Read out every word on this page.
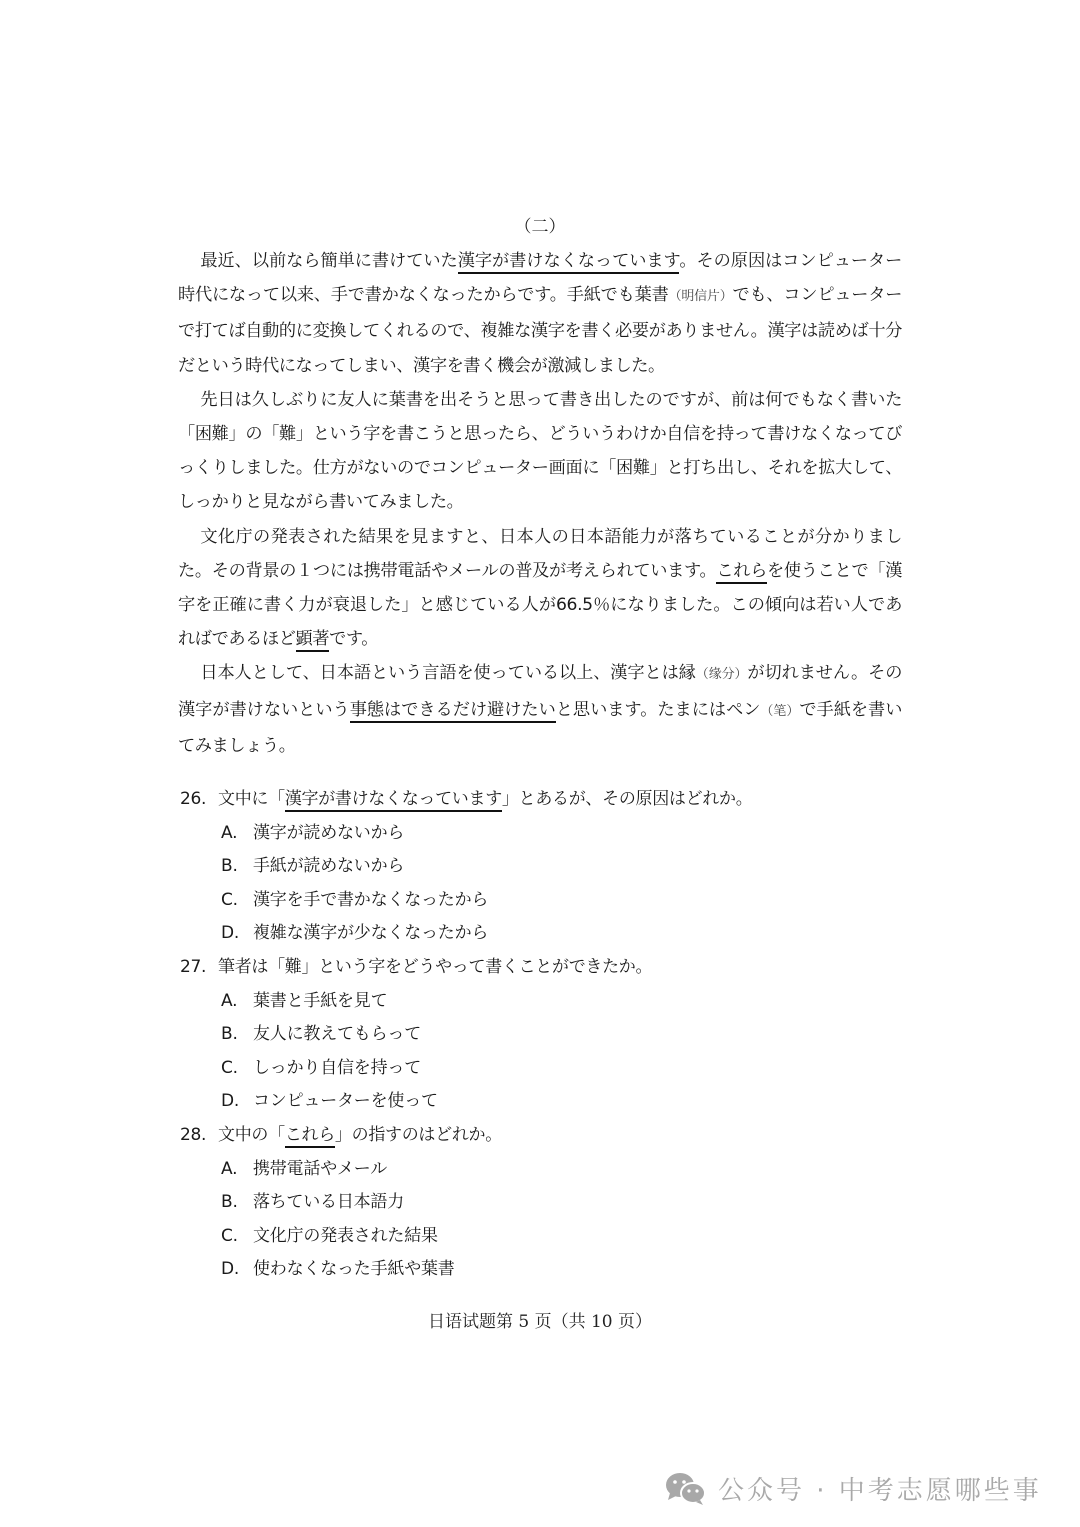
（二）

最近、以前なら簡単に書けていた漢字が書けなくなっています。その原因はコンピューター時代になって以来、手で書かなくなったからです。手紙でも葉書（明信片）でも、コンピューターで打てば自動的に変換してくれるので、複雑な漢字を書く必要がありません。漢字は読めば十分だという時代になってしまい、漢字を書く機会が激減しました。

先日は久しぶりに友人に葉書を出そうと思って書き出したのですが、前は何でもなく書いた「困難」の「難」という字を書こうと思ったら、どういうわけか自信を持って書けなくなってびっくりしました。仕方がないのでコンピューター画面に「困難」と打ち出し、それを拡大して、しっかりと見ながら書いてみました。

文化庁の発表された結果を見ますと、日本人の日本語能力が落ちていることが分かりました。その背景の１つには携帯電話やメールの普及が考えられています。これらを使うことで「漢字を正確に書く力が衰退した」と感じている人が66.5％になりました。この傾向は若い人であればであるほど顕著です。

日本人として、日本語という言語を使っている以上、漢字とは縁（缘分）が切れません。その漢字が書けないという事態はできるだけ避けたいと思います。たまにはペン（笔）で手紙を書いてみましょう。

26. 文中に「漢字が書けなくなっています」とあるが、その原因はどれか。
A. 漢字が読めないから
B. 手紙が読めないから
C. 漢字を手で書かなくなったから
D. 複雑な漢字が少なくなったから
27. 筆者は「難」という字をどうやって書くことができたか。
A. 葉書と手紙を見て
B. 友人に教えてもらって
C. しっかり自信を持って
D. コンピューターを使って
28. 文中の「これら」の指すのはどれか。
A. 携帯電話やメール
B. 落ちている日本語力
C. 文化庁の発表された結果
D. 使わなくなった手紙や葉書
日语试题第 5 页（共 10 页）
公众号 · 中考志愿哪些事
